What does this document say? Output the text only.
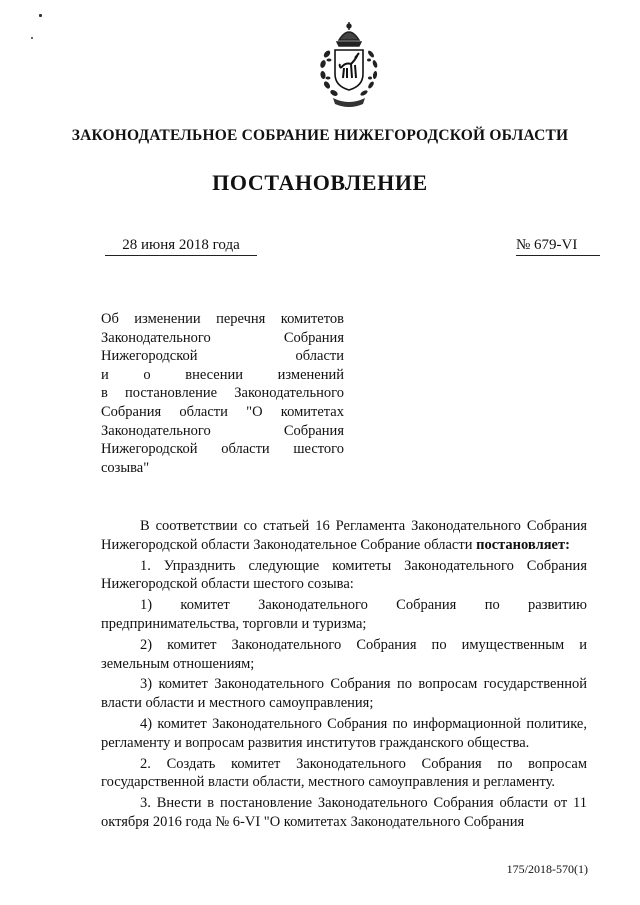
ЗАКОНОДАТЕЛЬНОЕ СОБРАНИЕ НИЖЕГОРОДСКОЙ ОБЛАСТИ
ПОСТАНОВЛЕНИЕ
28 июня 2018 года	№ 679-VI
Об изменении перечня комитетов
Законодательного Собрания
Нижегородской области
и о внесении изменений
в постановление Законодательного
Собрания области "О комитетах
Законодательного Собрания
Нижегородской области шестого
созыва"

В соответствии со статьей 16 Регламента Законодательного Собрания Нижегородской области Законодательное Собрание области постановляет:

1. Упразднить следующие комитеты Законодательного Собрания Нижегородской области шестого созыва:

1) комитет Законодательного Собрания по развитию предпринимательства, торговли и туризма;

2) комитет Законодательного Собрания по имущественным и земельным отношениям;

3) комитет Законодательного Собрания по вопросам государственной власти области и местного самоуправления;

4) комитет Законодательного Собрания по информационной политике, регламенту и вопросам развития институтов гражданского общества.

2. Создать комитет Законодательного Собрания по вопросам государственной власти области, местного самоуправления и регламенту.

3. Внести в постановление Законодательного Собрания области от 11 октября 2016 года № 6-VI "О комитетах Законодательного Собрания

175/2018-570(1)
